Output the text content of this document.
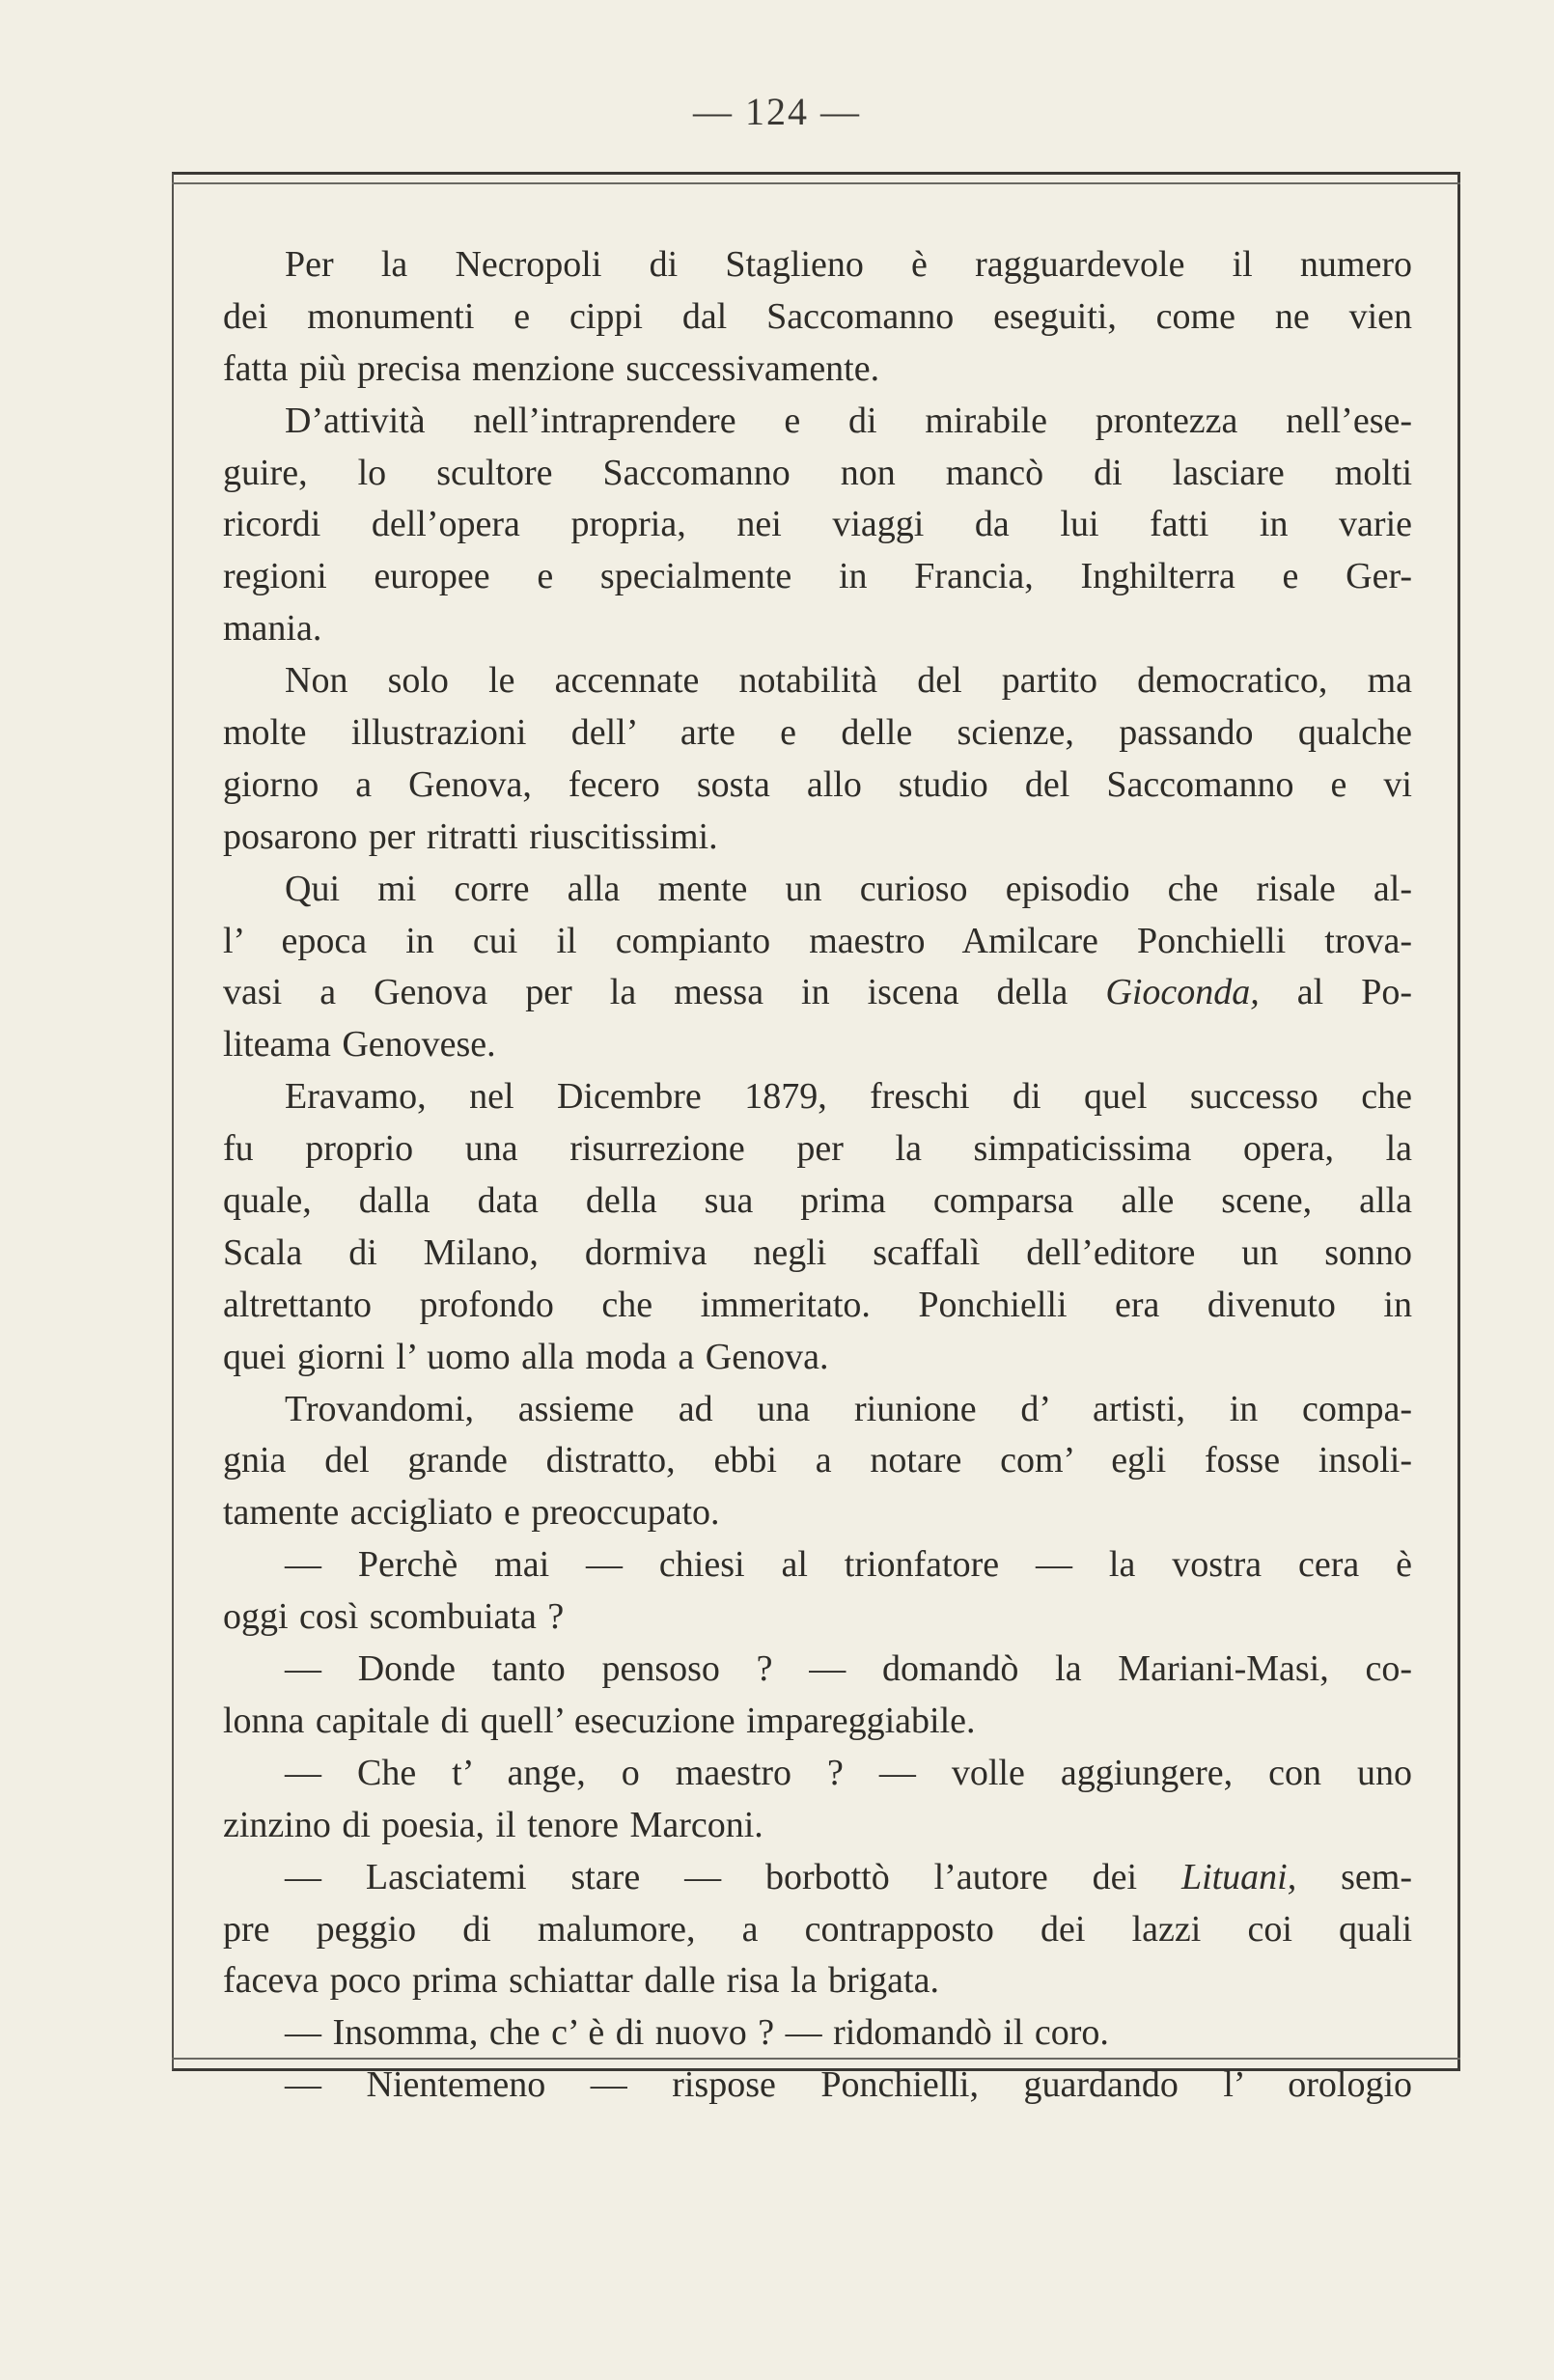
— 124 —
Per la Necropoli di Staglieno è ragguardevole il numero
dei monumenti e cippi dal Saccomanno eseguiti, come ne vien
fatta più precisa menzione successivamente.
D’attività nell’intraprendere e di mirabile prontezza nell’ese-
guire, lo scultore Saccomanno non mancò di lasciare molti
ricordi dell’opera propria, nei viaggi da lui fatti in varie
regioni europee e specialmente in Francia, Inghilterra e Ger-
mania.
Non solo le accennate notabilità del partito democratico, ma
molte illustrazioni dell’ arte e delle scienze, passando qualche
giorno a Genova, fecero sosta allo studio del Saccomanno e vi
posarono per ritratti riuscitissimi.
Qui mi corre alla mente un curioso episodio che risale al-
l’ epoca in cui il compianto maestro Amilcare Ponchielli trova-
vasi a Genova per la messa in iscena della Gioconda, al Po-
liteama Genovese.
Eravamo, nel Dicembre 1879, freschi di quel successo che
fu proprio una risurrezione per la simpaticissima opera, la
quale, dalla data della sua prima comparsa alle scene, alla
Scala di Milano, dormiva negli scaffalì dell’editore un sonno
altrettanto profondo che immeritato. Ponchielli era divenuto in
quei giorni l’ uomo alla moda a Genova.
Trovandomi, assieme ad una riunione d’ artisti, in compa-
gnia del grande distratto, ebbi a notare com’ egli fosse insoli-
tamente accigliato e preoccupato.
— Perchè mai — chiesi al trionfatore — la vostra cera è
oggi così scombuiata ?
— Donde tanto pensoso ? — domandò la Mariani-Masi, co-
lonna capitale di quell’ esecuzione impareggiabile.
— Che t’ ange, o maestro ? — volle aggiungere, con uno
zinzino di poesia, il tenore Marconi.
— Lasciatemi stare — borbottò l’autore dei Lituani, sem-
pre peggio di malumore, a contrapposto dei lazzi coi quali
faceva poco prima schiattar dalle risa la brigata.
— Insomma, che c’ è di nuovo ? — ridomandò il coro.
— Nientemeno — rispose Ponchielli, guardando l’ orologio
